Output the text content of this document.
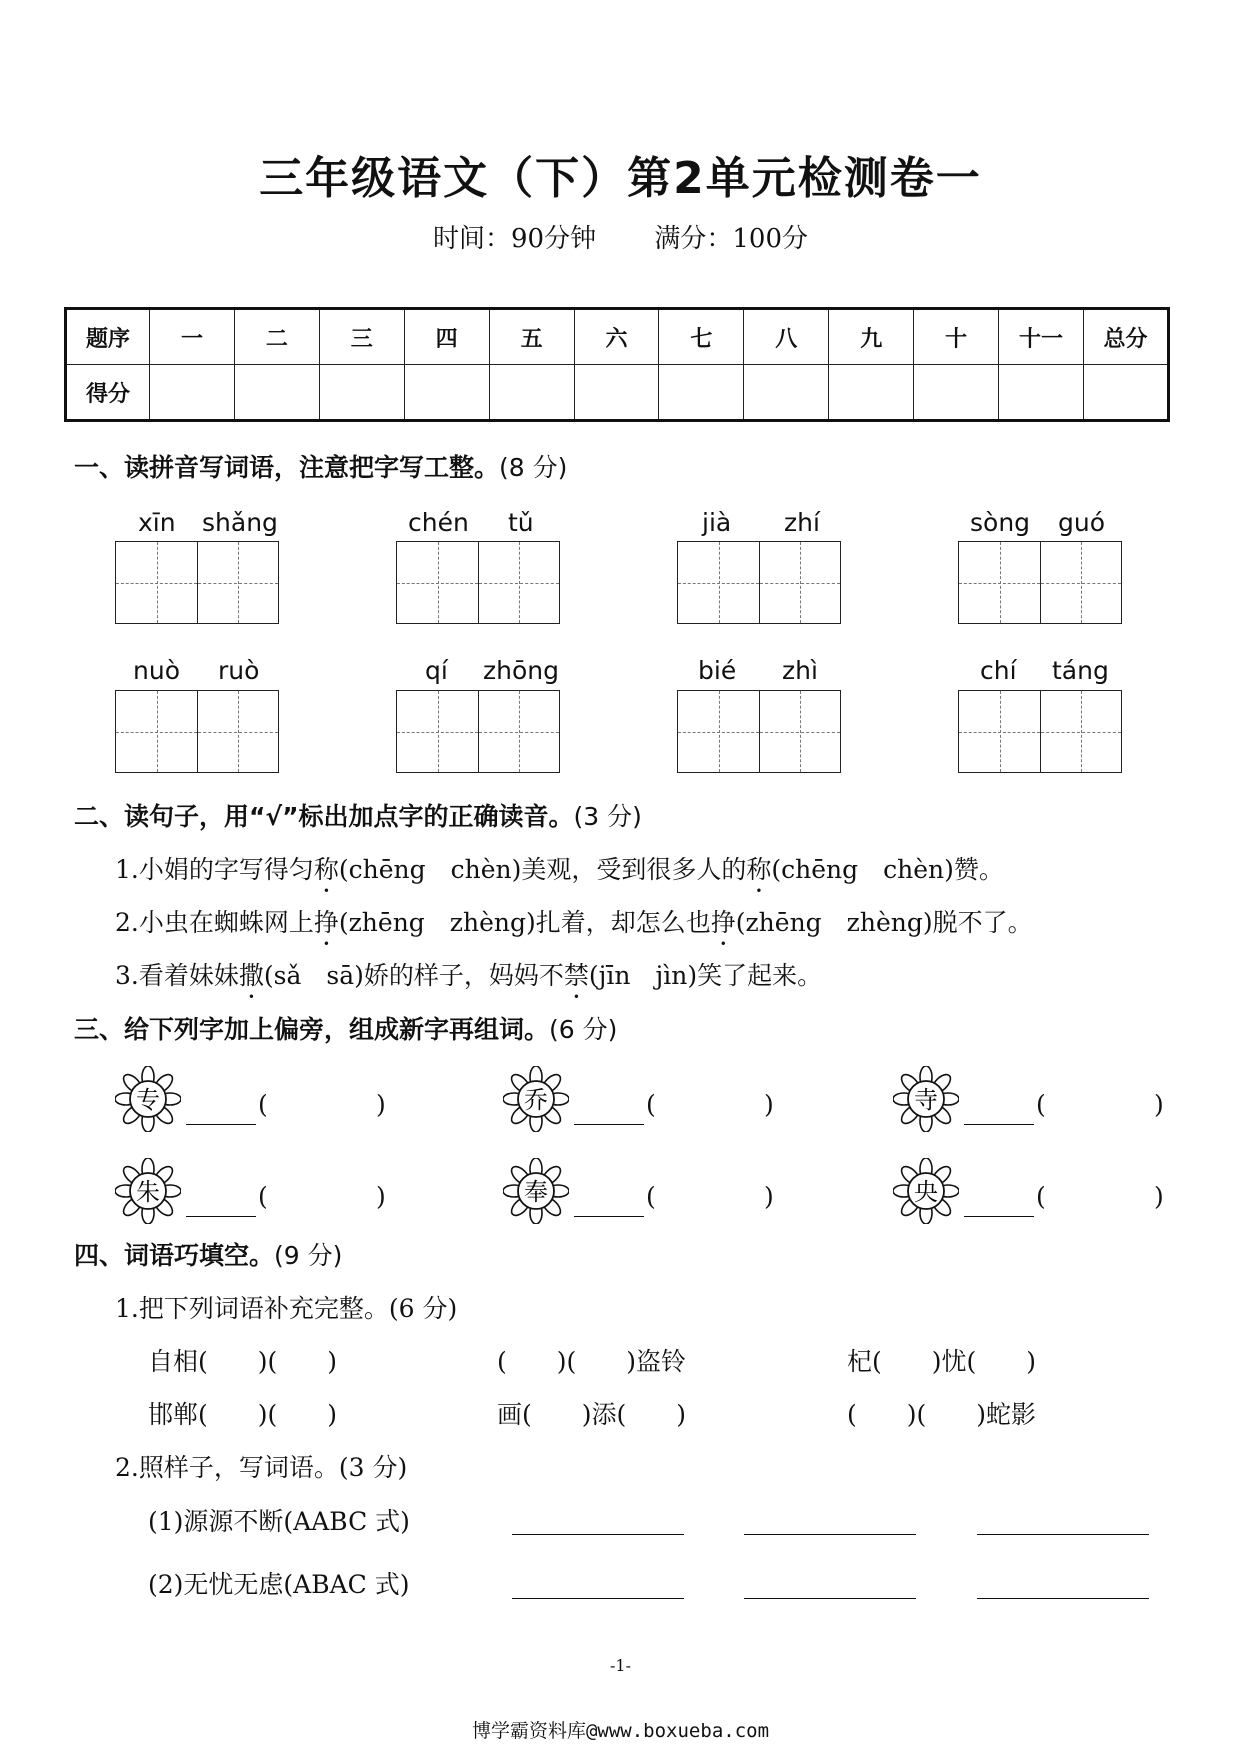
三年级语文（下）第2单元检测卷一
时间：90分钟 满分：100分
题序	一	二	三	四	五	六	七	八	九	十	十一	总分
得分												
一、读拼音写词语，注意把字写工整。(8 分)
xīn shǎng	chén tǔ	jià zhí	sòng guó
nuò ruò	qí zhōng	bié zhì	chí táng
二、读句子，用“√”标出加点字的正确读音。(3 分)
1.小娟的字写得匀称(chēng　chèn)美观，受到很多人的称(chēng　chèn)赞。
2.小虫在蜘蛛网上挣(zhēng　zhèng)扎着，却怎么也挣(zhēng　zhèng)脱不了。
3.看着妹妹撒(sǎ　sā)娇的样子，妈妈不禁(jīn　jìn)笑了起来。
三、给下列字加上偏旁，组成新字再组词。(6 分)
专	乔	寺
朱	奉	央
(	)	(	)	(	)
(	)	(	)	(	)
四、词语巧填空。(9 分)
1.把下列词语补充完整。(6 分)
自相(　　)(　　)	(　　)(　　)盗铃	杞(　　)忧(　　)
邯郸(　　)(　　)	画(　　)添(　　)	(　　)(　　)蛇影
2.照样子，写词语。(3 分)
(1)源源不断(AABC 式)
(2)无忧无虑(ABAC 式)
-1-
博学霸资料库@www.boxueba.com
